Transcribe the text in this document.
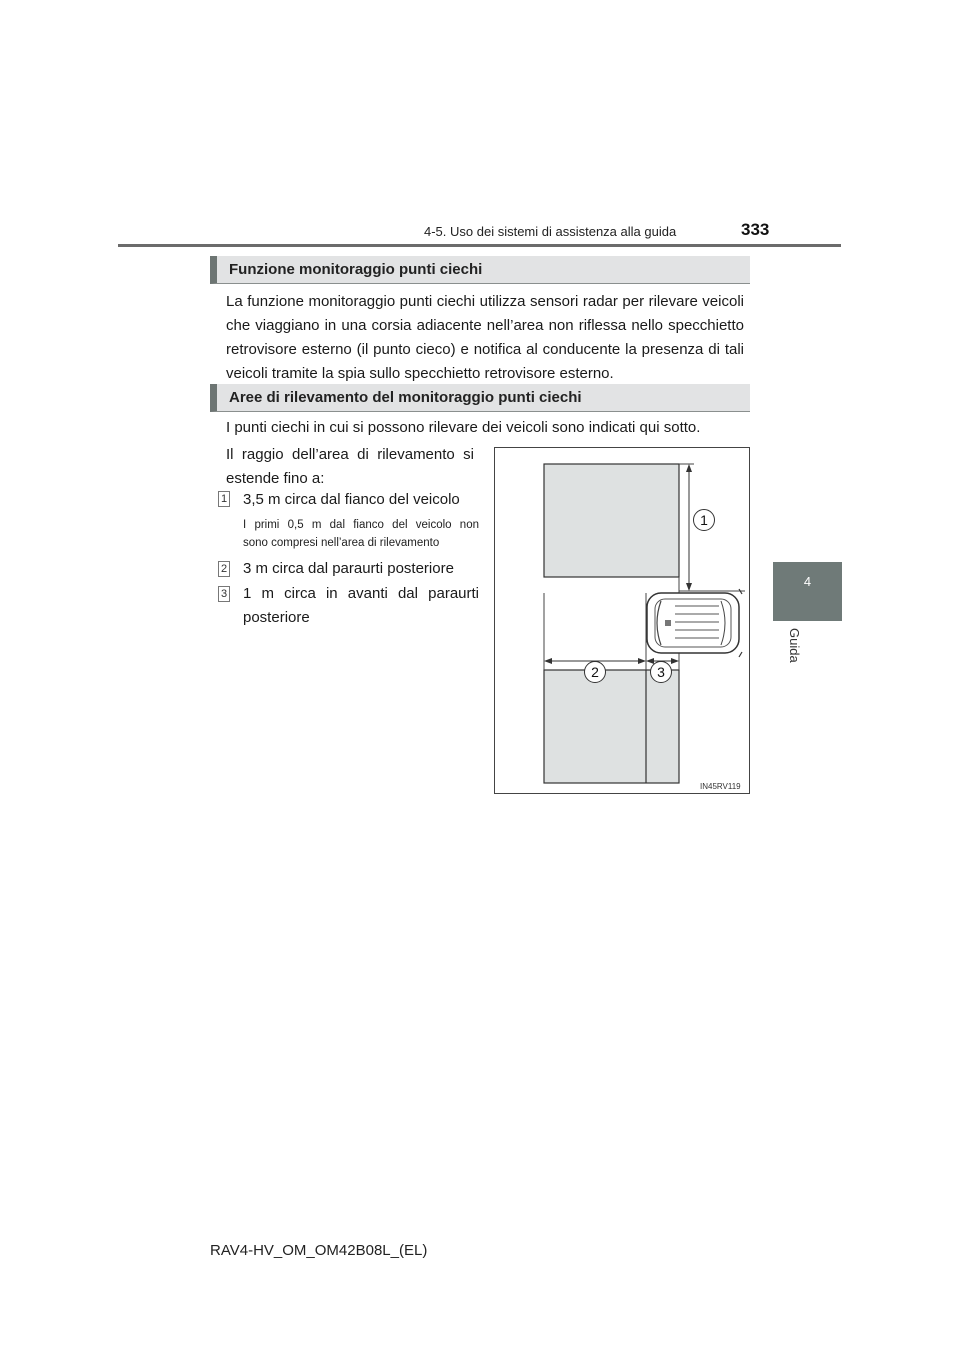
4-5. Uso dei sistemi di assistenza alla guida	333
4
Guida
Funzione monitoraggio punti ciechi
La funzione monitoraggio punti ciechi utilizza sensori radar per rilevare veicoli
che viaggiano in una corsia adiacente nell’area non riflessa nello specchietto
retrovisore esterno (il punto cieco) e notifica al conducente la presenza di tali
veicoli tramite la spia sullo specchietto retrovisore esterno.
Aree di rilevamento del monitoraggio punti ciechi
I punti ciechi in cui si possono rilevare dei veicoli sono indicati qui sotto.
Il raggio dell’area di rilevamento si
estende fino a:
1 3,5 m circa dal fianco del veicolo
I primi 0,5 m dal fianco del veicolo non
sono compresi nell’area di rilevamento
2 3 m circa dal paraurti posteriore
3 1 m circa in avanti dal paraurti
posteriore
1
2	3
IN45RV119
RAV4-HV_OM_OM42B08L_(EL)
